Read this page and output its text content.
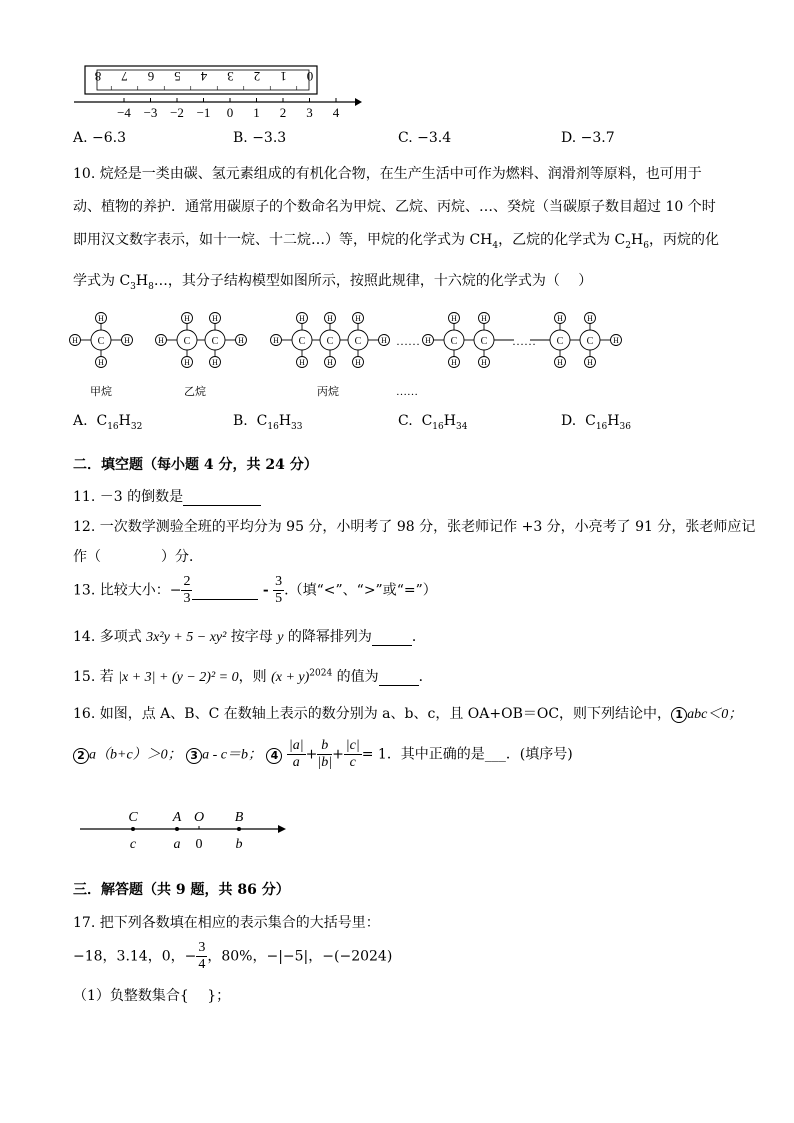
8 7 6 5 4 3 2 1 0
−4 −3 −2 −1 0 1 2 3 4
A. −6.3	B. −3.3	C. −3.4	D. −3.7
10. 烷烃是一类由碳、氢元素组成的有机化合物，在生产生活中可作为燃料、润滑剂等原料，也可用于
动、植物的养护．通常用碳原子的个数命名为甲烷、乙烷、丙烷、…、癸烷（当碳原子数目超过 10 个时
即用汉文数字表示，如十一烷、十二烷…）等，甲烷的化学式为 $CH_4$，乙烷的化学式为 $C_2H_6$，丙烷的化
学式为 $C_3H_8\dots$，其分子结构模型如图所示，按照此规律，十六烷的化学式为（　 ）
H	H
H
H
C	H	H
H
H
C
H
H
C	H	H
H
H
C
H
H
C
H
H
C	H
H
H
C
H
H
C	H
H
H
C
H
H
C
甲烷	乙烷	丙烷	……
……	……
A. $C_{16}H_{32}$	B. $C_{16}H_{33}$	C. $C_{16}H_{34}$	D. $C_{16}H_{36}$
二．填空题（每小题 4 分，共 24 分）
11. －3 的倒数是
12. 一次数学测验全班的平均分为 95 分，小明考了 98 分，张老师记作 +3 分，小亮考了 91 分，张老师应记
作（	）分．
13. 比较大小：− $\frac{2}{3}$	- $\frac{3}{5}$ .（填“<”、“>”或“=”）
14. 多项式 3x²y + 5 − xy² 按字母 y 的降幂排列为	．
15. 若 |x + 3| + (y − 2)² = 0，则 $(x + y)^{2024}$ 的值为	．
16. 如图，点 A、B、C 在数轴上表示的数分别为 a、b、c，且 OA+OB＝OC，则下列结论中， 1 abc＜0；
2 a（b+c）＞0； 3 a - c＝b； $4 \frac{|a|}{a} + \frac{b}{|b|} + \frac{|c|}{c} = 1$．其中正确的是___．(填序号)
C
c
A
a
O
0
B
b
三．解答题（共 9 题，共 86 分）
17. 把下列各数填在相应的表示集合的大括号里：
−18，3.14，0，− $\frac{3}{4}$ ，80%，−|−5|，−(−2024)
（1）负整数集合{　 }；
